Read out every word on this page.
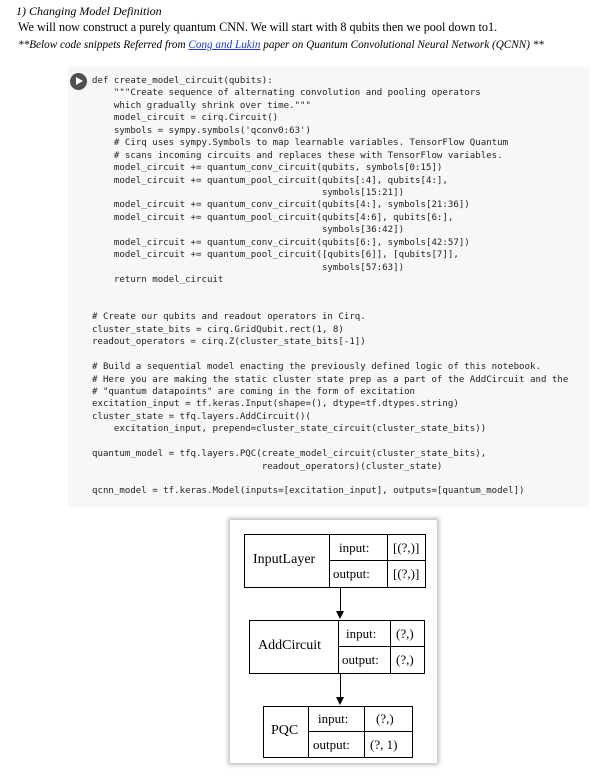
1) Changing Model Definition
We will now construct a purely quantum CNN. We will start with 8 qubits then we pool down to1.
**Below code snippets Referred from Cong and Lukin paper on Quantum Convolutional Neural Network (QCNN) **
def create_model_circuit(qubits):
"""Create sequence of alternating convolution and pooling operators
which gradually shrink over time."""
model_circuit = cirq.Circuit()
symbols = sympy.symbols('qconv0:63')
# Cirq uses sympy.Symbols to map learnable variables. TensorFlow Quantum
# scans incoming circuits and replaces these with TensorFlow variables.
model_circuit += quantum_conv_circuit(qubits, symbols[0:15])
model_circuit += quantum_pool_circuit(qubits[:4], qubits[4:],
symbols[15:21])
model_circuit += quantum_conv_circuit(qubits[4:], symbols[21:36])
model_circuit += quantum_pool_circuit(qubits[4:6], qubits[6:],
symbols[36:42])
model_circuit += quantum_conv_circuit(qubits[6:], symbols[42:57])
model_circuit += quantum_pool_circuit([qubits[6]], [qubits[7]],
symbols[57:63])
return model_circuit
# Create our qubits and readout operators in Cirq.
cluster_state_bits = cirq.GridQubit.rect(1, 8)
readout_operators = cirq.Z(cluster_state_bits[-1])
# Build a sequential model enacting the previously defined logic of this notebook.
# Here you are making the static cluster state prep as a part of the AddCircuit and the
# "quantum datapoints" are coming in the form of excitation
excitation_input = tf.keras.Input(shape=(), dtype=tf.dtypes.string)
cluster_state = tfq.layers.AddCircuit()(
excitation_input, prepend=cluster_state_circuit(cluster_state_bits))
quantum_model = tfq.layers.PQC(create_model_circuit(cluster_state_bits),
readout_operators)(cluster_state)
qcnn_model = tf.keras.Model(inputs=[excitation_input], outputs=[quantum_model])
InputLayer
input: [(?,)]
output: [(?,)]
AddCircuit
input: (?,)
output: (?,)
PQC
input: (?,)
output: (?, 1)
